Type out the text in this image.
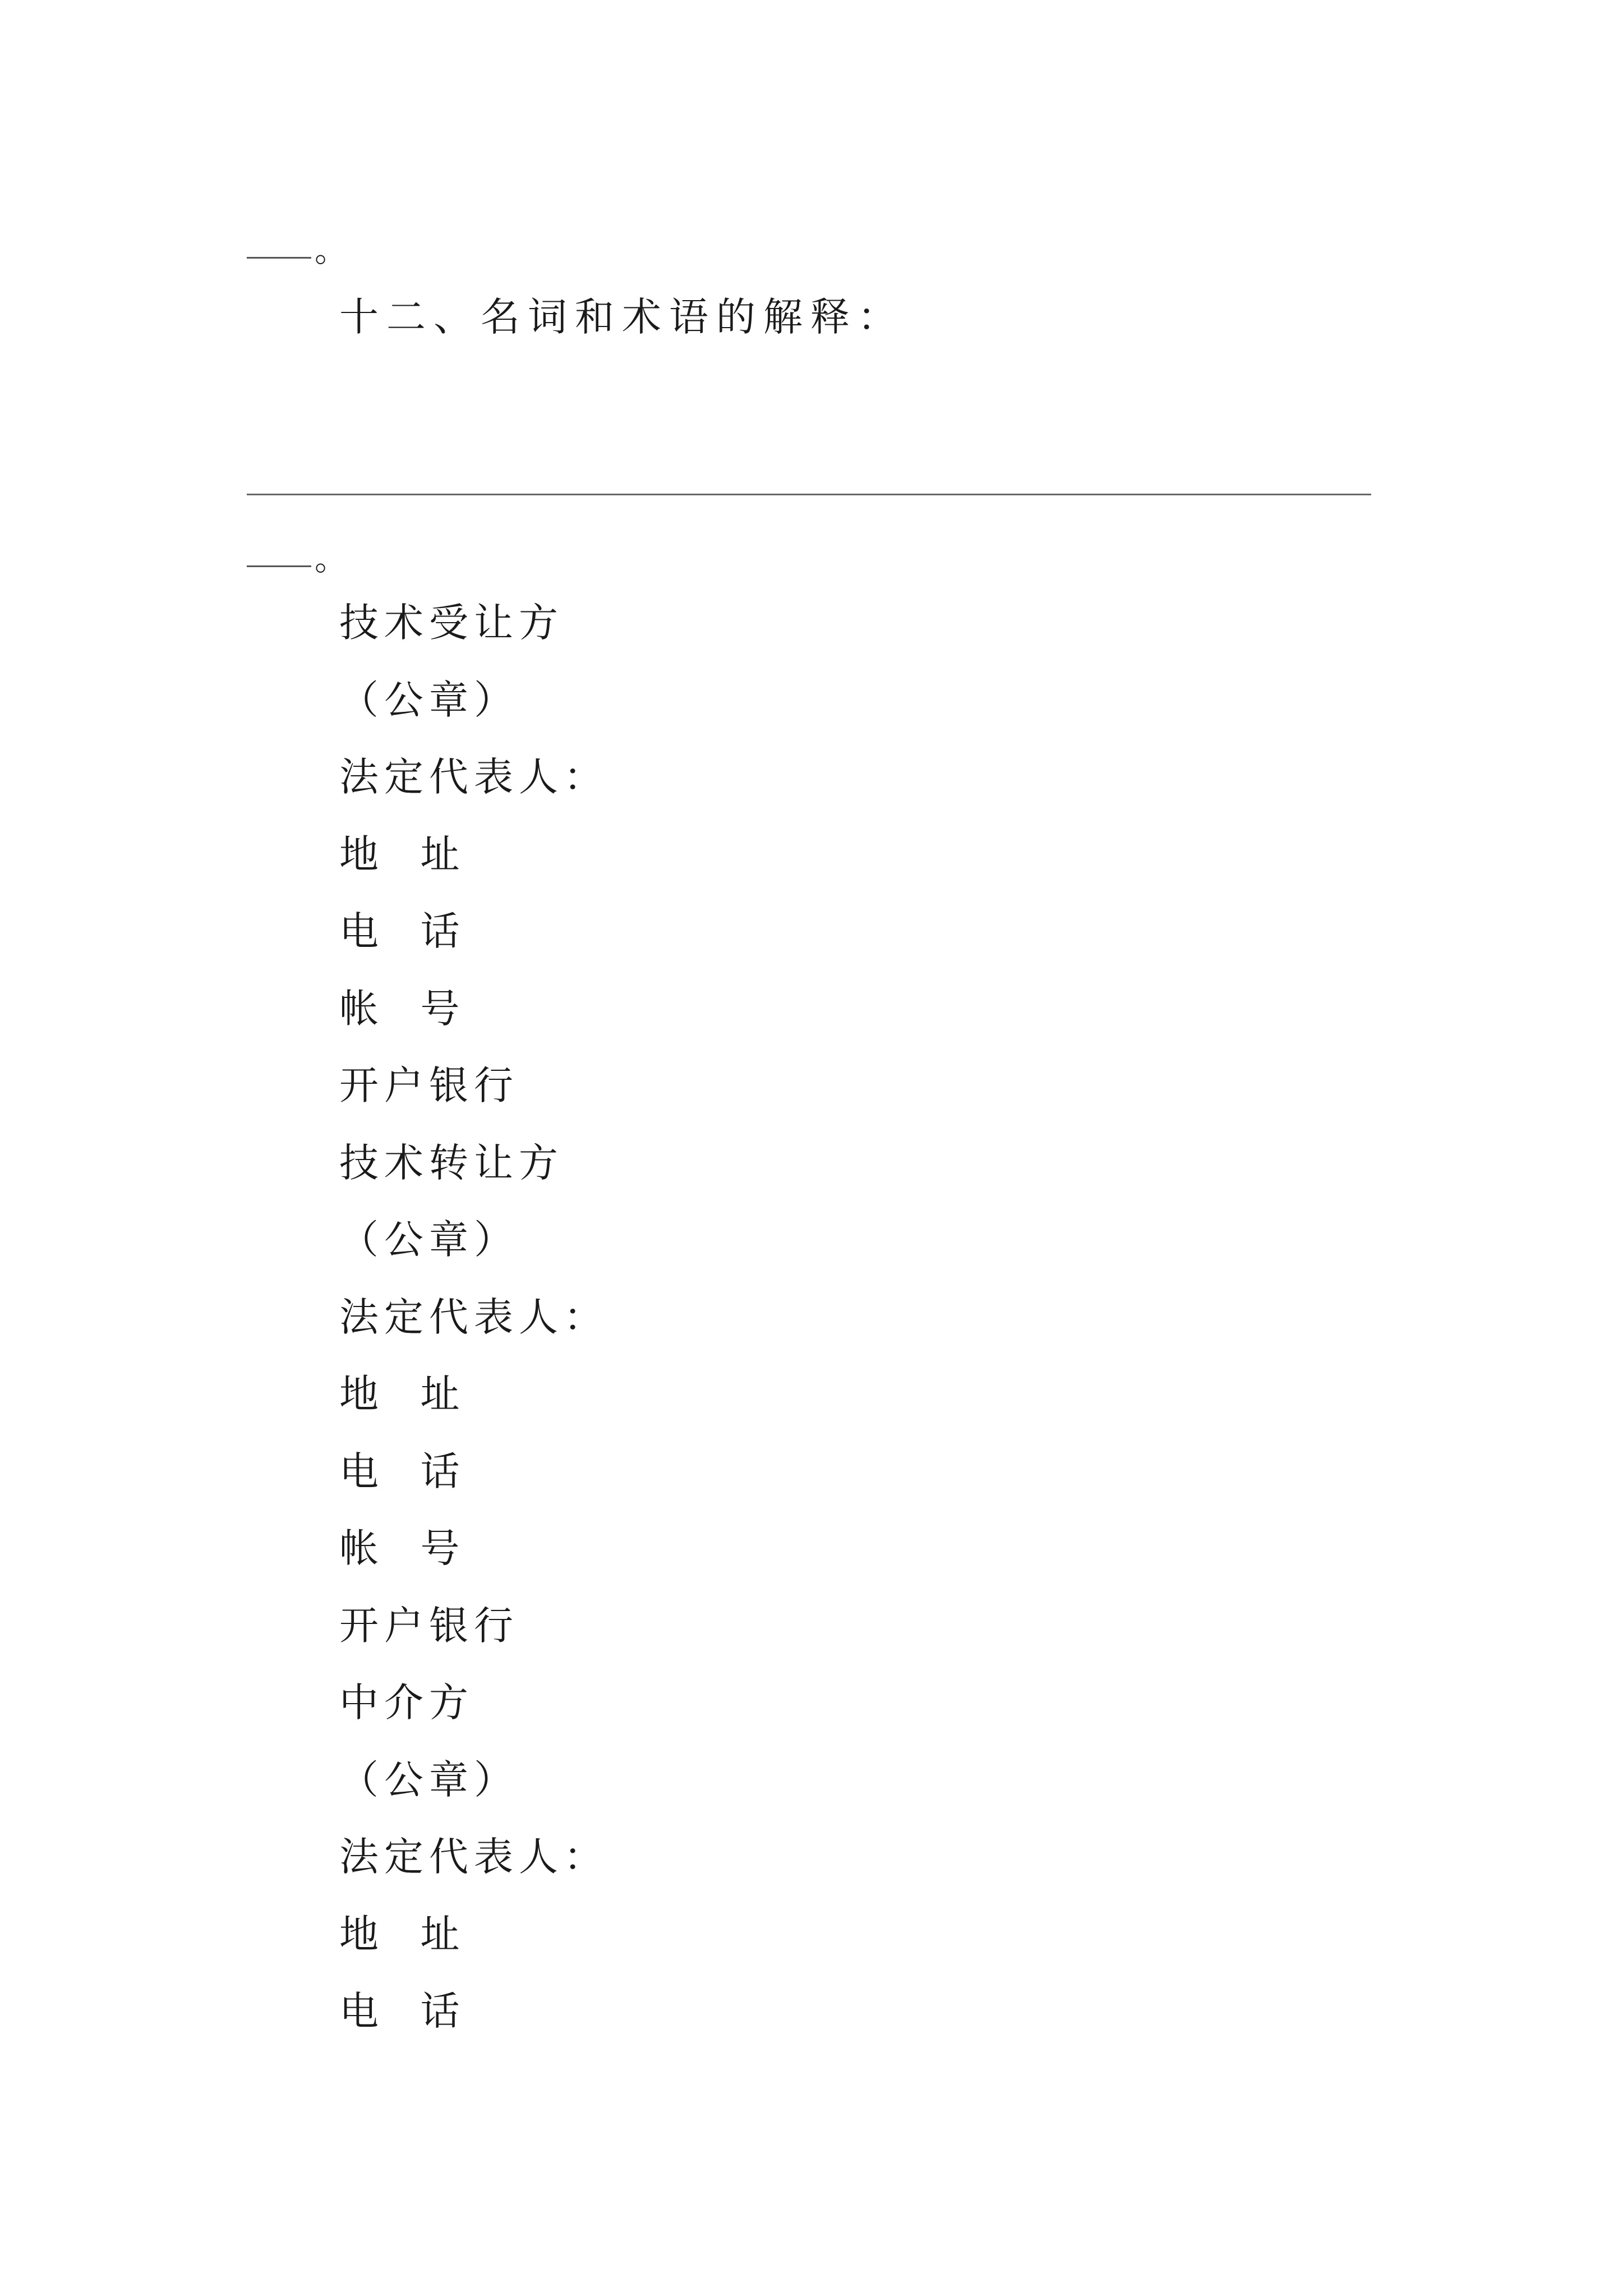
。
十二、名词和术语的解释：
。
技术受让方
（公章）
法定代表人：
地  址
电  话
帐  号
开户银行
技术转让方
（公章）
法定代表人：
地  址
电  话
帐  号
开户银行
中介方
（公章）
法定代表人：
地  址
电  话
